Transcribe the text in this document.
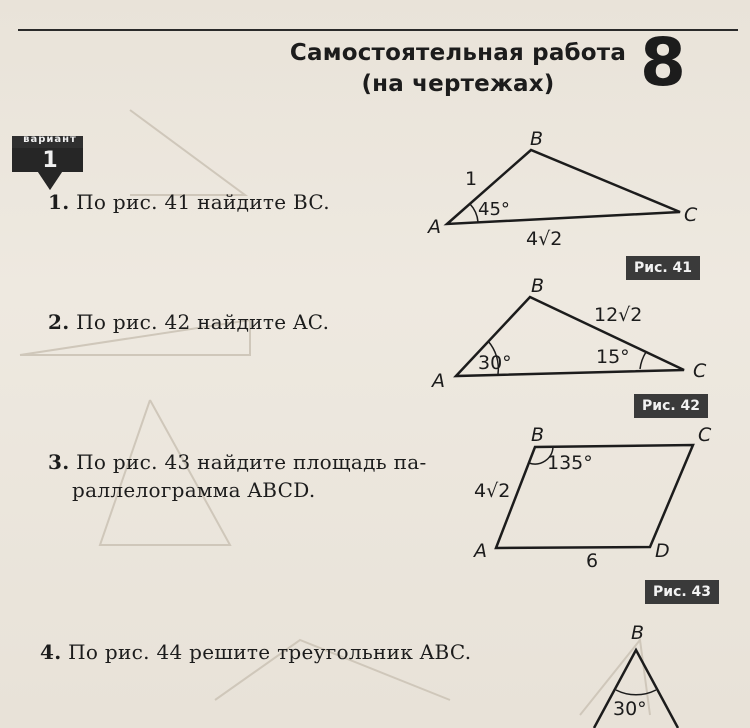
Самостоятельная работа
(на чертежах)	8
вариант
1
1. По рис. 41 найдите BC.
2. По рис. 42 найдите AC.
3. По рис. 43 найдите площадь па-
раллелограмма ABCD.
4. По рис. 44 решите треугольник ABC.
B
A
C
1
45°
4√2
Рис. 41
B
A	C
12√2
30°	15°
Рис. 42
B	C
A	D
135°
4√2
6
Рис. 43
B
30°
